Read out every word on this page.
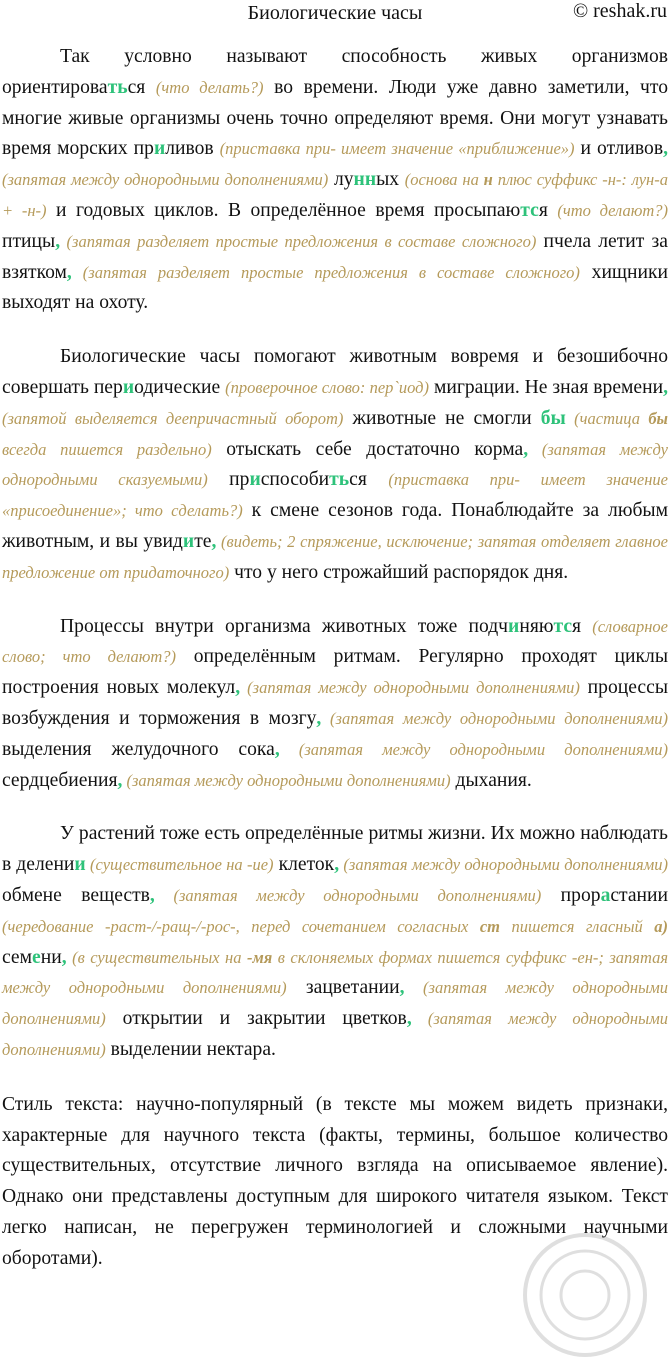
Биологические часы	© reshak.ru

Так условно называют способность живых организмов ориентироваться (что делать?) во времени. Люди уже давно заметили, что многие живые организмы очень точно определяют время. Они могут узнавать время морских приливов (приставка при- имеет значение «приближение») и отливов, (запятая между однородными дополнениями) лунных (основа на н плюс суффикс -н-: лун-а + -н-) и годовых циклов. В определённое время просыпаются (что делают?) птицы, (запятая разделяет простые предложения в составе сложного) пчела летит за взятком, (запятая разделяет простые предложения в составе сложного) хищники выходят на охоту.

Биологические часы помогают животным вовремя и безошибочно совершать периодические (проверочное слово: пер`иод) миграции. Не зная времени, (запятой выделяется деепричастный оборот) животные не смогли бы (частица бы всегда пишется раздельно) отыскать себе достаточно корма, (запятая между однородными сказуемыми) приспособиться (приставка при- имеет значение «присоединение»; что сделать?) к смене сезонов года. Понаблюдайте за любым животным, и вы увидите, (видеть; 2 спряжение, исключение; запятая отделяет главное предложение от придаточного) что у него строжайший распорядок дня.

Процессы внутри организма животных тоже подчиняются (словарное слово; что делают?) определённым ритмам. Регулярно проходят циклы построения новых молекул, (запятая между однородными дополнениями) процессы возбуждения и торможения в мозгу, (запятая между однородными дополнениями) выделения желудочного сока, (запятая между однородными дополнениями) сердцебиения, (запятая между однородными дополнениями) дыхания.

У растений тоже есть определённые ритмы жизни. Их можно наблюдать в делении (существительное на -ие) клеток, (запятая между однородными дополнениями) обмене веществ, (запятая между однородными дополнениями) прорастании (чередование -раст-/-ращ-/-рос-, перед сочетанием согласных ст пишется гласный а) семени, (в существительных на -мя в склоняемых формах пишется суффикс -ен-; запятая между однородными дополнениями) зацветании, (запятая между однородными дополнениями) открытии и закрытии цветков, (запятая между однородными дополнениями) выделении нектара.

Стиль текста: научно-популярный (в тексте мы можем видеть признаки, характерные для научного текста (факты, термины, большое количество существительных, отсутствие личного взгляда на описываемое явление). Однако они представлены доступным для широкого читателя языком. Текст легко написан, не перегружен терминологией и сложными научными оборотами).
